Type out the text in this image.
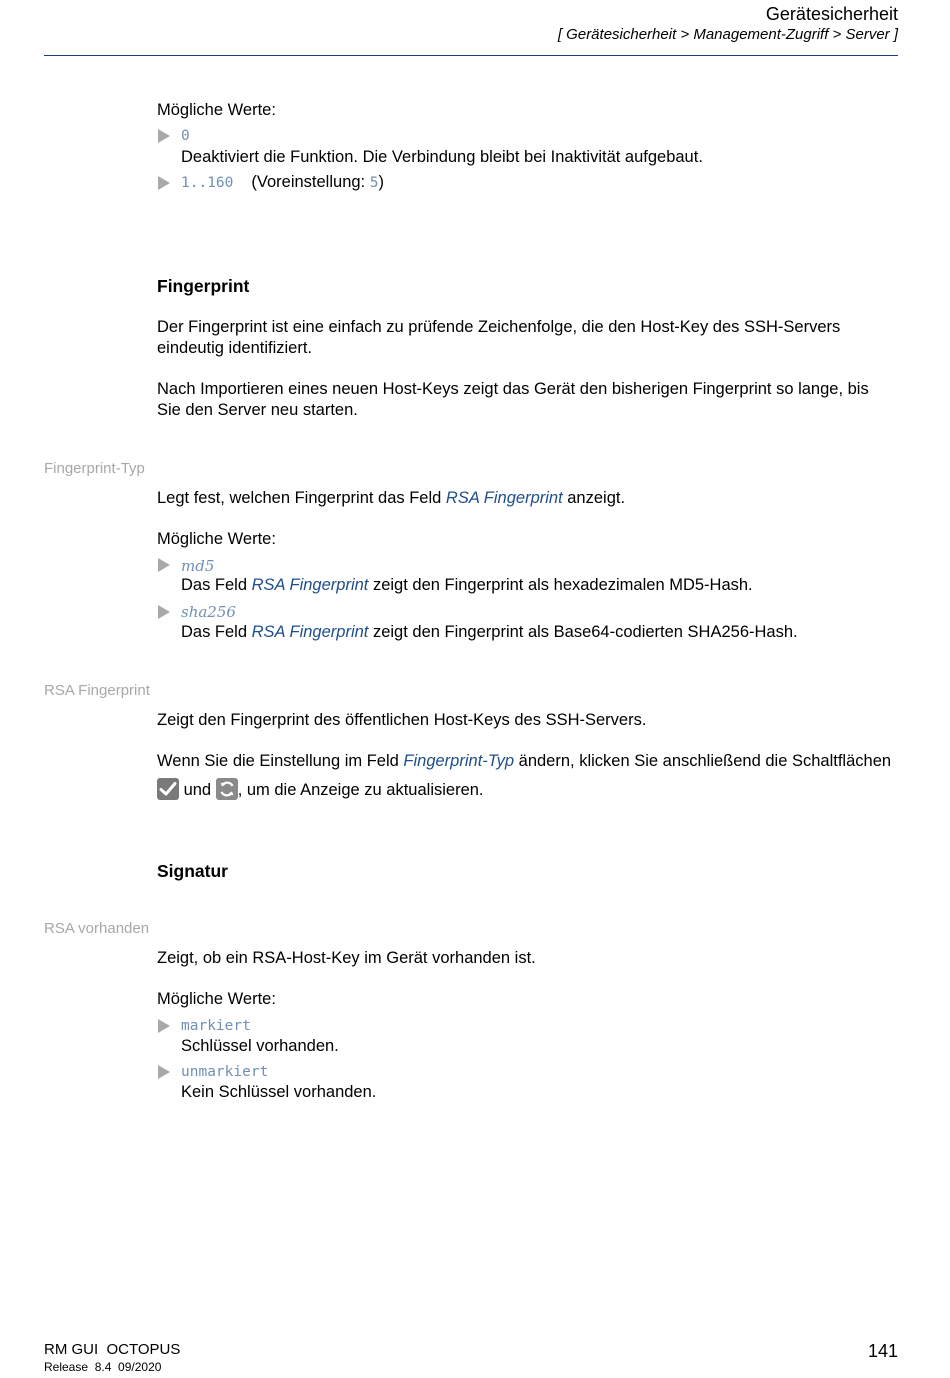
Gerätesicherheit
[ Gerätesicherheit > Management-Zugriff > Server ]
Mögliche Werte:
0
Deaktiviert die Funktion. Die Verbindung bleibt bei Inaktivität aufgebaut.
1..160 (Voreinstellung: 5)
Fingerprint
Der Fingerprint ist eine einfach zu prüfende Zeichenfolge, die den Host-Key des SSH-Servers
eindeutig identifiziert.
Nach Importieren eines neuen Host-Keys zeigt das Gerät den bisherigen Fingerprint so lange, bis
Sie den Server neu starten.
Fingerprint-Typ
Legt fest, welchen Fingerprint das Feld RSA Fingerprint anzeigt.
Mögliche Werte:
md5
Das Feld RSA Fingerprint zeigt den Fingerprint als hexadezimalen MD5-Hash.
sha256
Das Feld RSA Fingerprint zeigt den Fingerprint als Base64-codierten SHA256-Hash.
RSA Fingerprint
Zeigt den Fingerprint des öffentlichen Host-Keys des SSH-Servers.
Wenn Sie die Einstellung im Feld Fingerprint-Typ ändern, klicken Sie anschließend die Schaltflächen
und , um die Anzeige zu aktualisieren.
Signatur
RSA vorhanden
Zeigt, ob ein RSA-Host-Key im Gerät vorhanden ist.
Mögliche Werte:
markiert
Schlüssel vorhanden.
unmarkiert
Kein Schlüssel vorhanden.
RM GUI  OCTOPUS
Release  8.4  09/2020
141
